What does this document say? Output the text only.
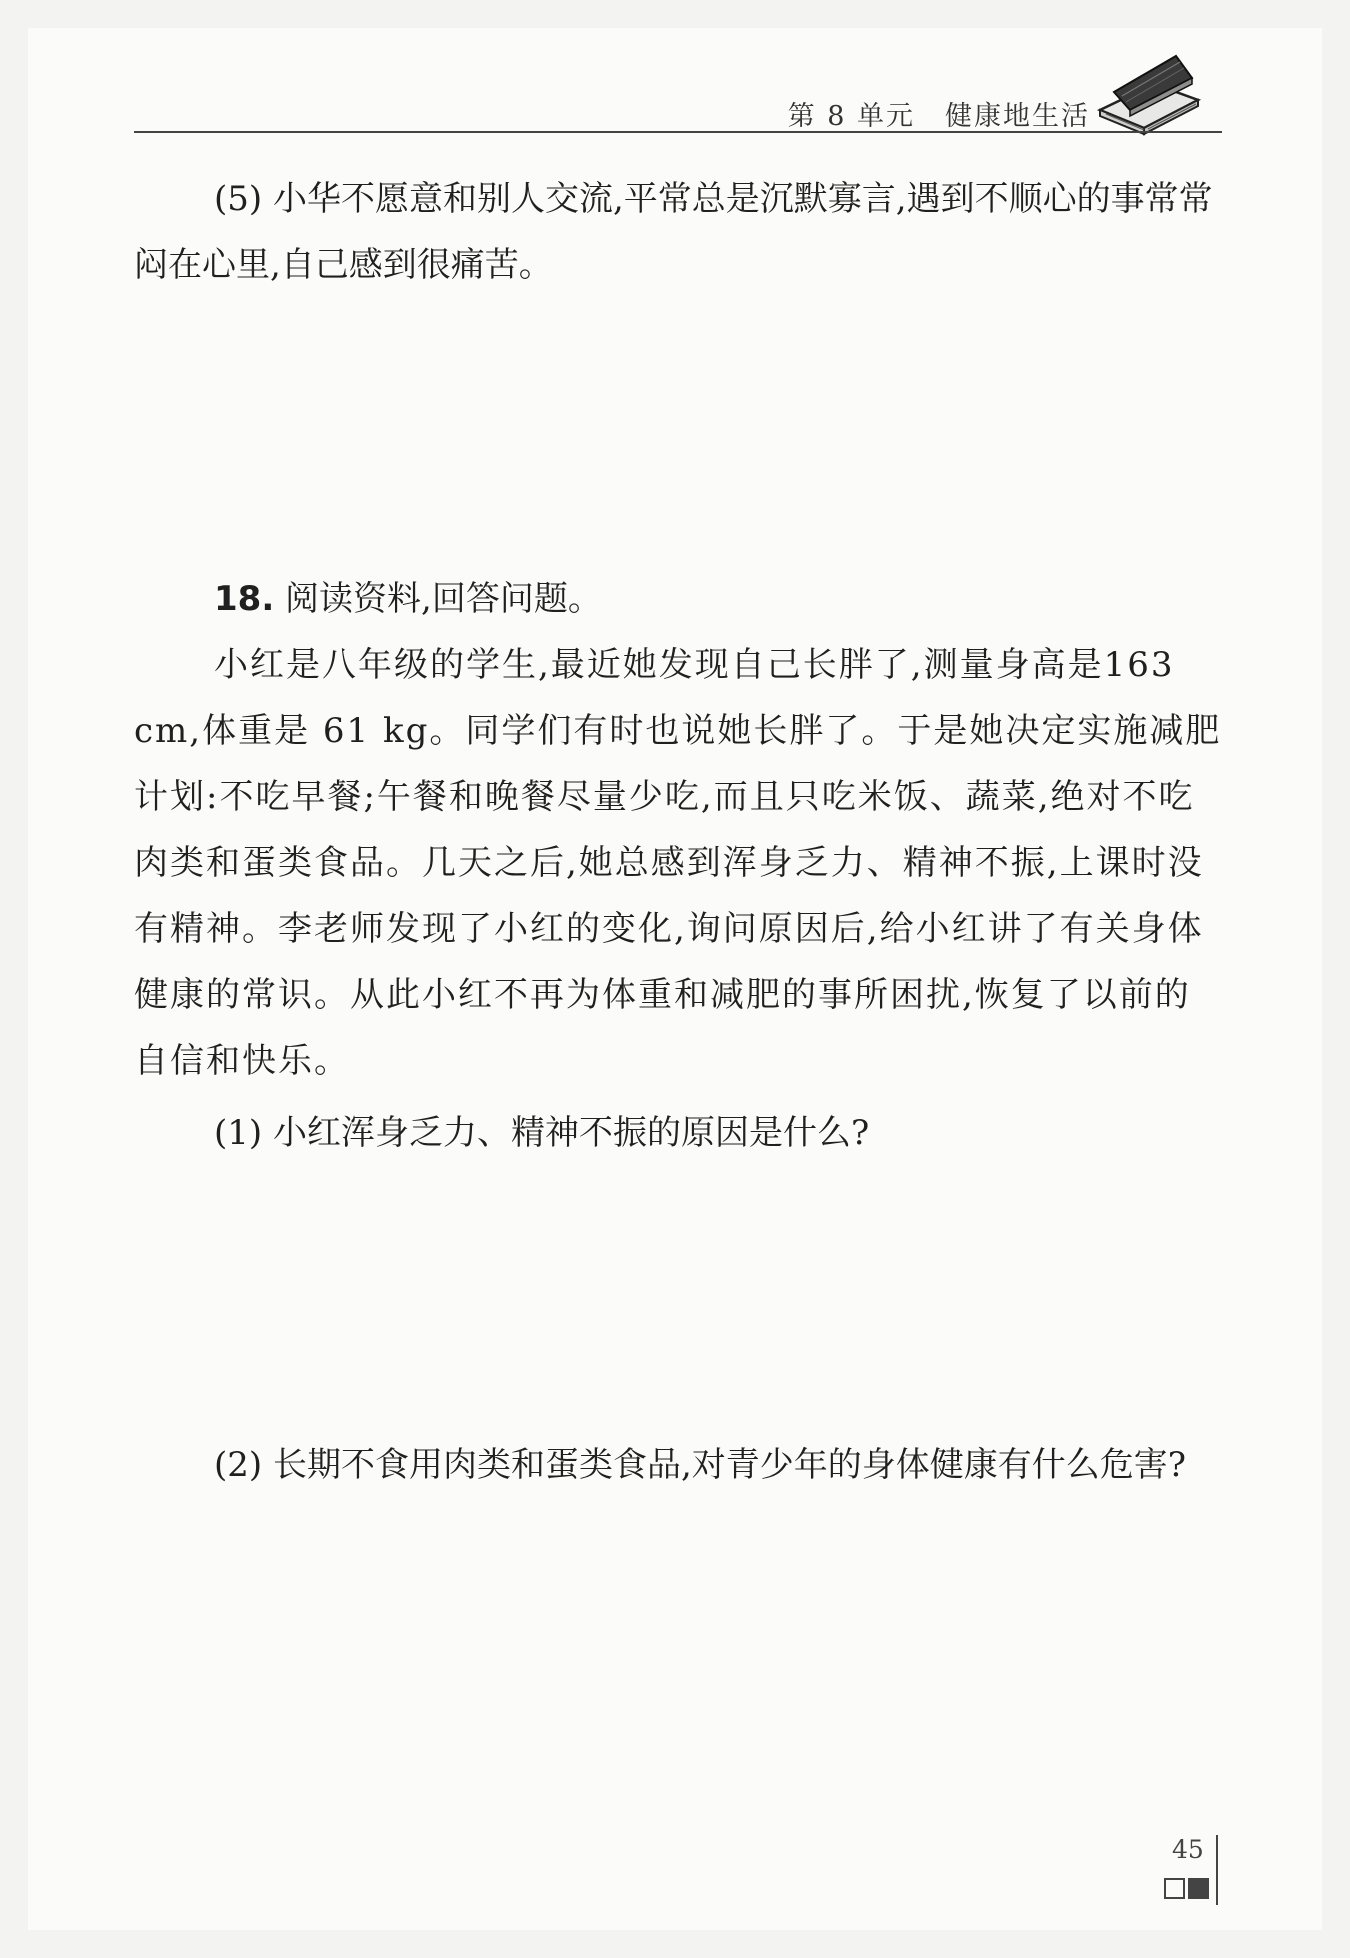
第 8 单元 健康地生活
(5) 小华不愿意和别人交流,平常总是沉默寡言,遇到不顺心的事常常闷在心里,自己感到很痛苦。
18. 阅读资料,回答问题。
小红是八年级的学生,最近她发现自己长胖了,测量身高是163 cm,体重是 61 kg。同学们有时也说她长胖了。于是她决定实施减肥计划:不吃早餐;午餐和晚餐尽量少吃,而且只吃米饭、蔬菜,绝对不吃肉类和蛋类食品。几天之后,她总感到浑身乏力、精神不振,上课时没有精神。李老师发现了小红的变化,询问原因后,给小红讲了有关身体健康的常识。从此小红不再为体重和减肥的事所困扰,恢复了以前的自信和快乐。
(1) 小红浑身乏力、精神不振的原因是什么?
(2) 长期不食用肉类和蛋类食品,对青少年的身体健康有什么危害?
45
